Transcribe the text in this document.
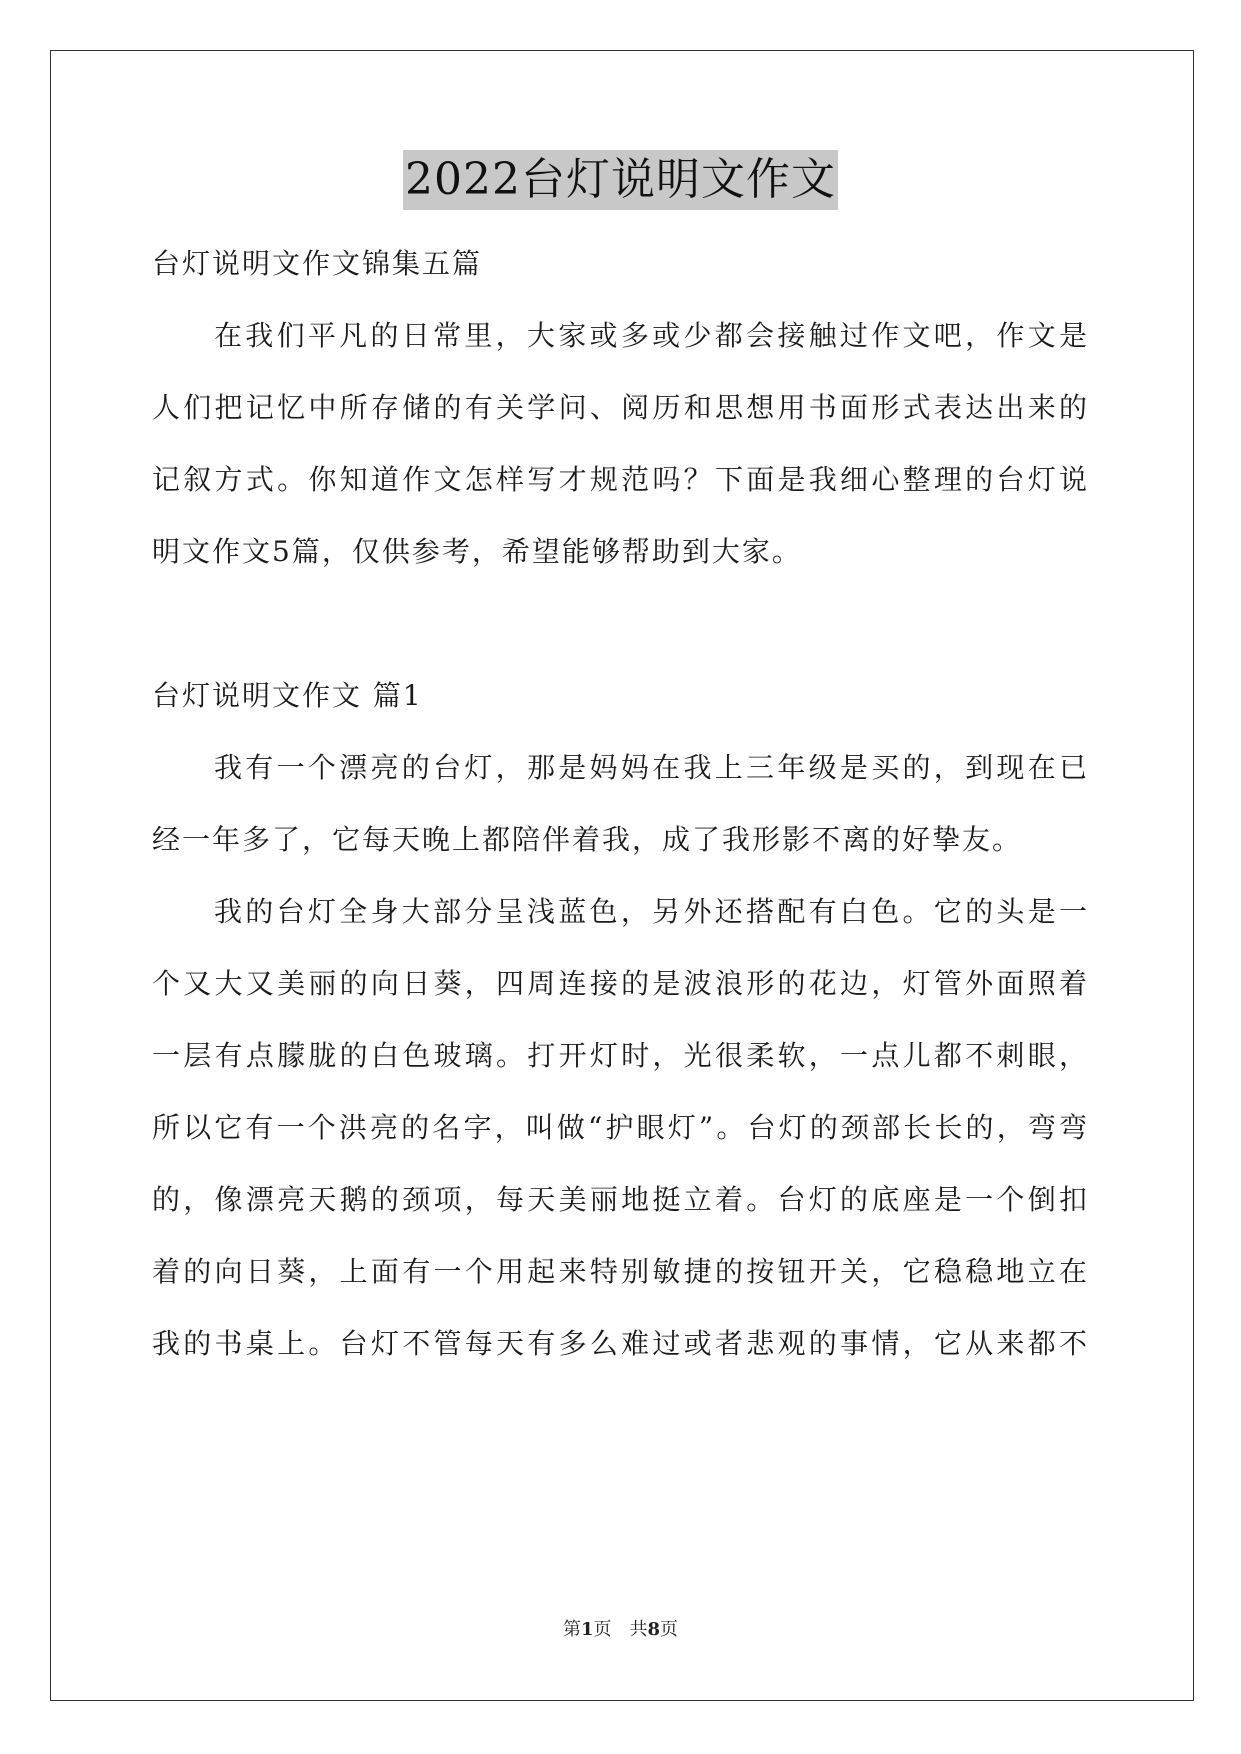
2022台灯说明文作文
台灯说明文作文锦集五篇
在我们平凡的日常里，大家或多或少都会接触过作文吧，作文是
人们把记忆中所存储的有关学问、阅历和思想用书面形式表达出来的
记叙方式。你知道作文怎样写才规范吗？下面是我细心整理的台灯说
明文作文5篇，仅供参考，希望能够帮助到大家。
台灯说明文作文 篇1
我有一个漂亮的台灯，那是妈妈在我上三年级是买的，到现在已
经一年多了，它每天晚上都陪伴着我，成了我形影不离的好挚友。
我的台灯全身大部分呈浅蓝色，另外还搭配有白色。它的头是一
个又大又美丽的向日葵，四周连接的是波浪形的花边，灯管外面照着
一层有点朦胧的白色玻璃。打开灯时，光很柔软，一点儿都不刺眼，
所以它有一个洪亮的名字，叫做“护眼灯”。台灯的颈部长长的，弯弯
的，像漂亮天鹅的颈项，每天美丽地挺立着。台灯的底座是一个倒扣
着的向日葵，上面有一个用起来特别敏捷的按钮开关，它稳稳地立在
我的书桌上。台灯不管每天有多么难过或者悲观的事情，它从来都不
第1页　共8页
